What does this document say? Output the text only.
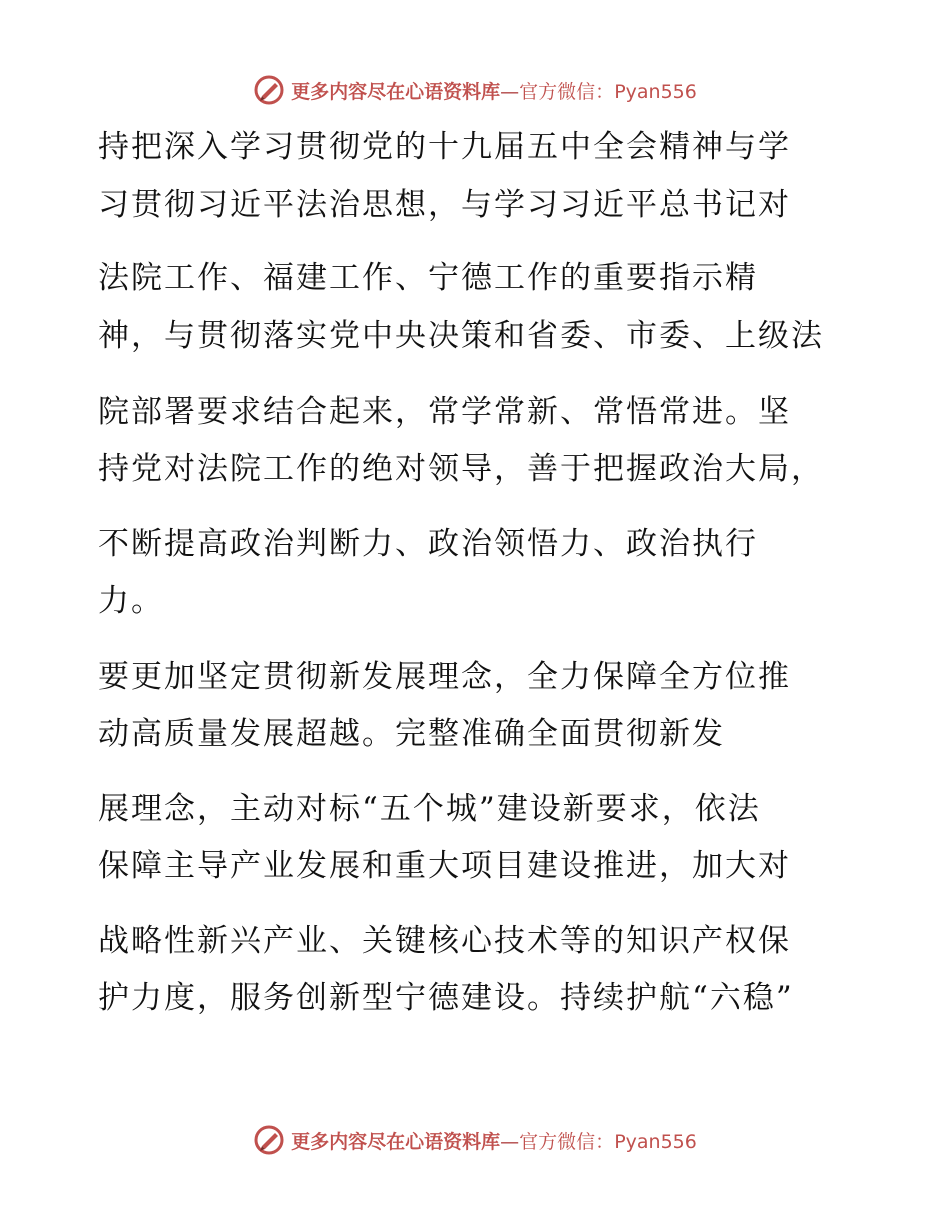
更多内容尽在心语资料库—官方微信：Pyan556
持把深入学习贯彻党的十九届五中全会精神与学
习贯彻习近平法治思想，与学习习近平总书记对
法院工作、福建工作、宁德工作的重要指示精
神，与贯彻落实党中央决策和省委、市委、上级法
院部署要求结合起来，常学常新、常悟常进。坚
持党对法院工作的绝对领导，善于把握政治大局，
不断提高政治判断力、政治领悟力、政治执行
力。
要更加坚定贯彻新发展理念，全力保障全方位推
动高质量发展超越。完整准确全面贯彻新发
展理念，主动对标“五个城”建设新要求，依法
保障主导产业发展和重大项目建设推进，加大对
战略性新兴产业、关键核心技术等的知识产权保
护力度，服务创新型宁德建设。持续护航“六稳”
更多内容尽在心语资料库—官方微信：Pyan556
